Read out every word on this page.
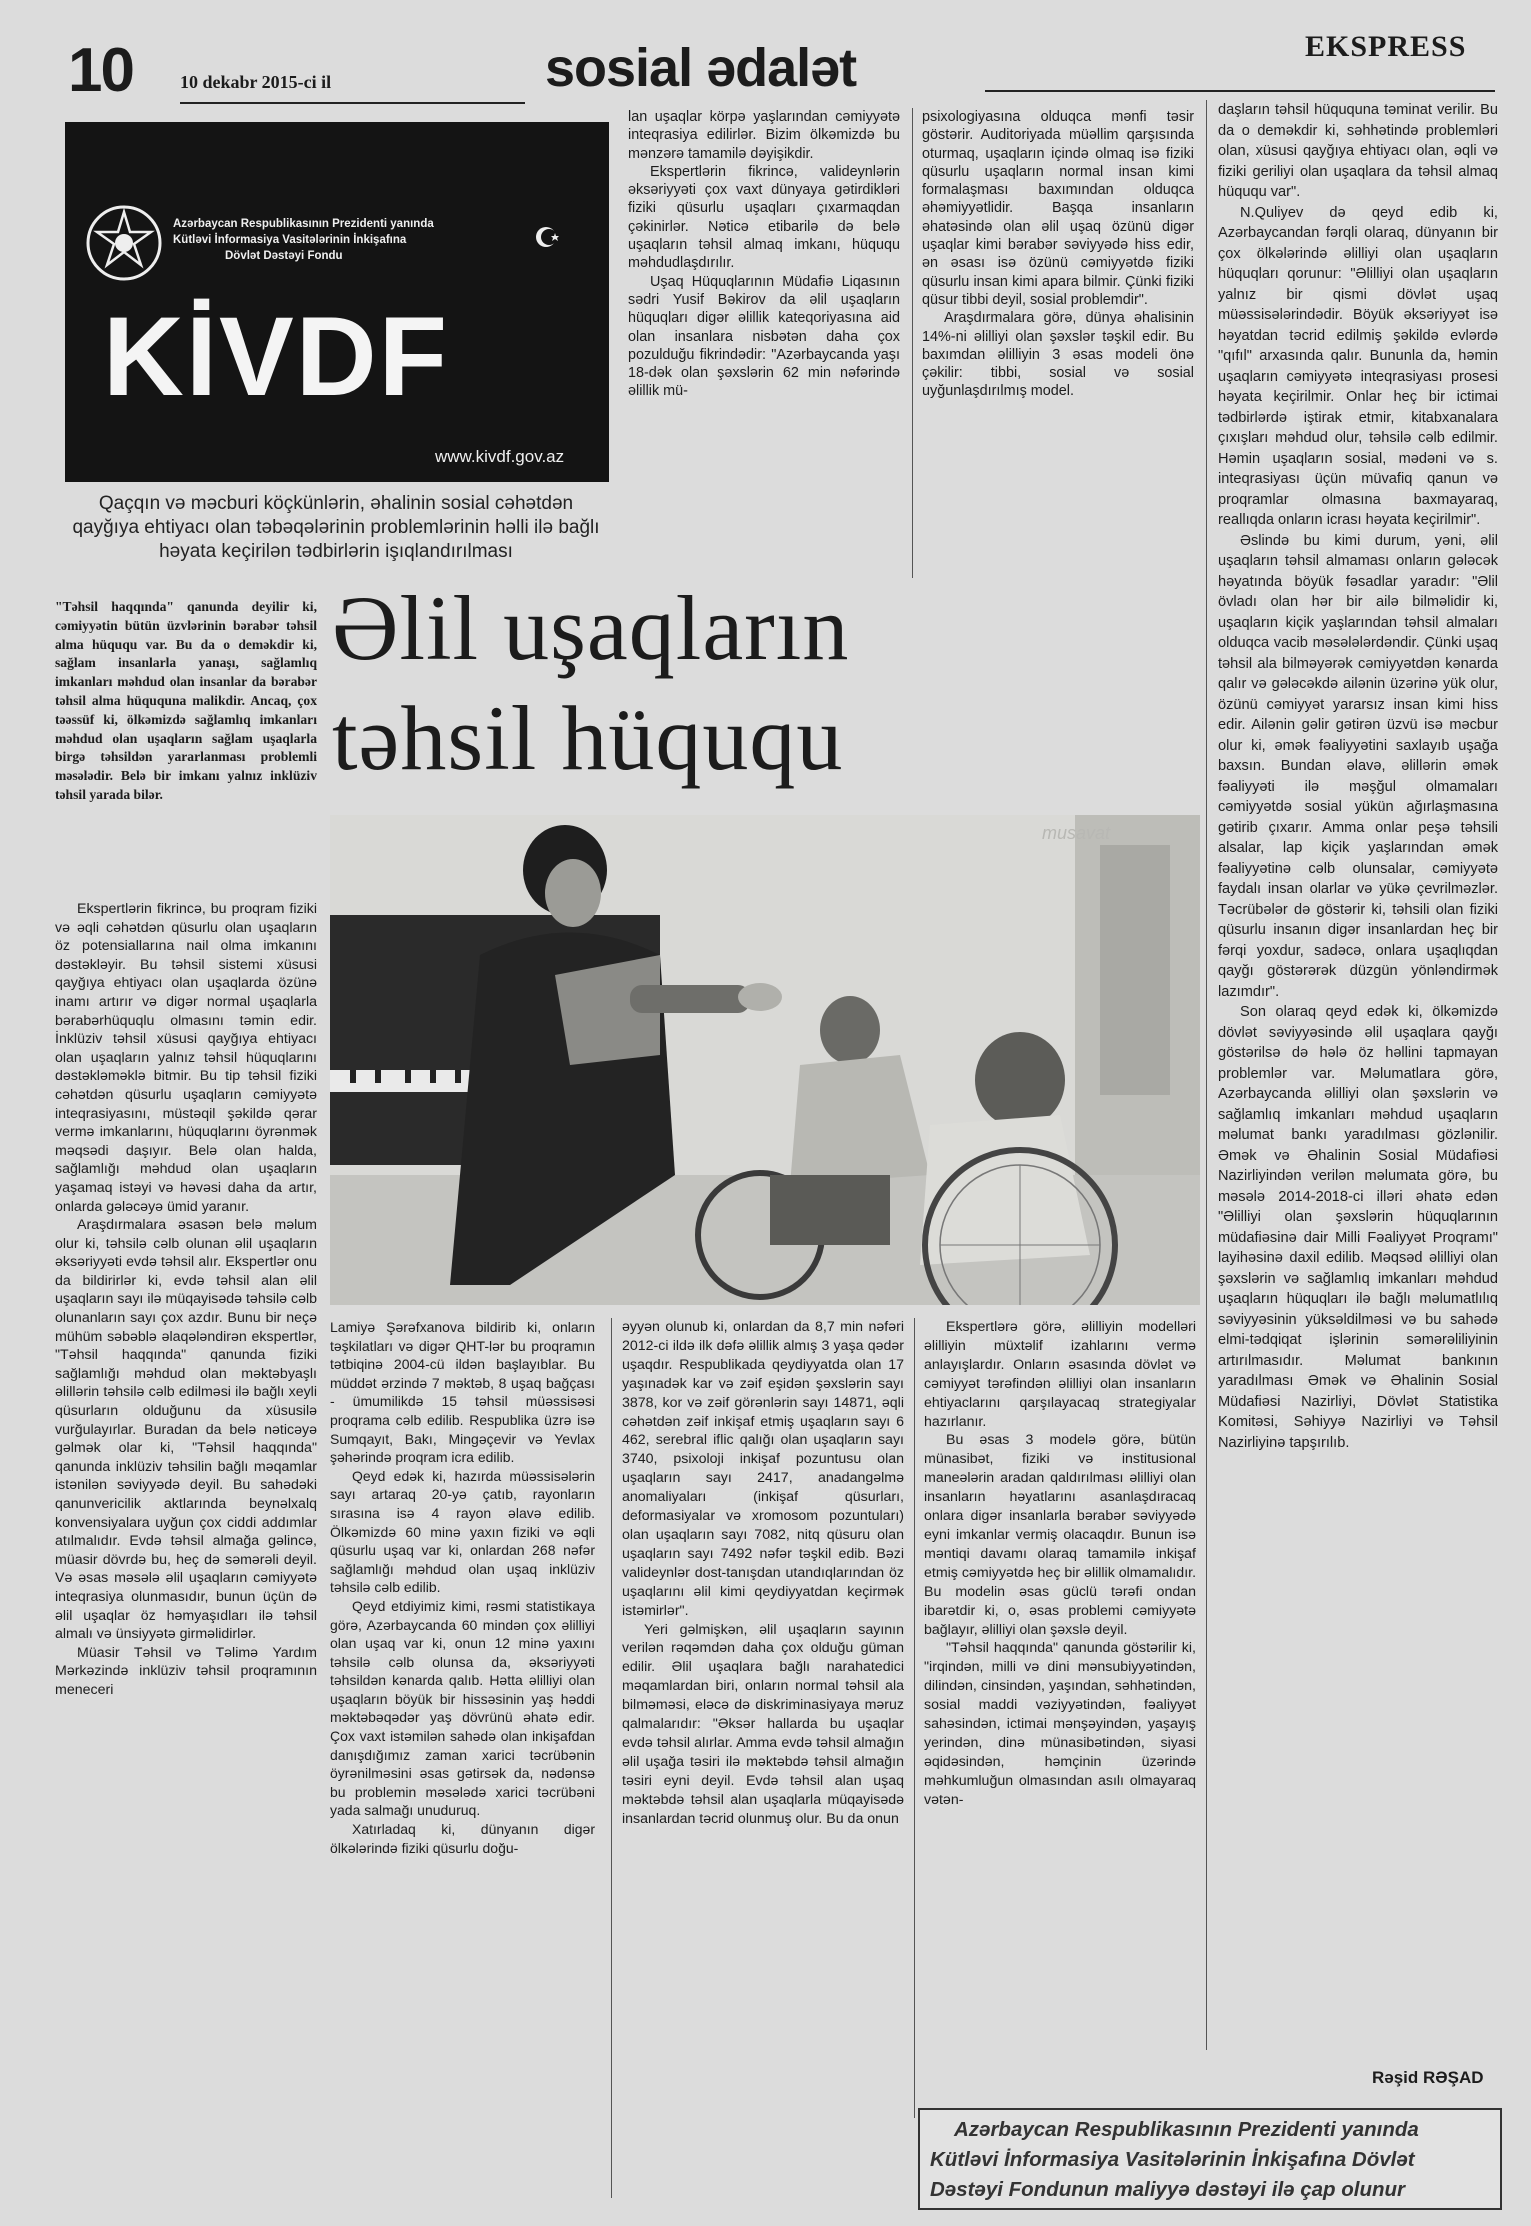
10	10 dekabr 2015-ci il	sosial ədalət	EKSPRESS
Azərbaycan Respublikasının Prezidenti yanında
Kütləvi İnformasiya Vasitələrinin İnkişafına
Dövlət Dəstəyi Fondu
KİVDF
www.kivdf.gov.az
Qaçqın və məcburi köçkünlərin, əhalinin sosial cəhətdən qayğıya ehtiyacı olan təbəqələrinin problemlərinin həlli ilə bağlı həyata keçirilən tədbirlərin işıqlandırılması

lan uşaqlar körpə yaşlarından cəmiyyətə inteqrasiya edilirlər. Bizim ölkəmizdə bu mənzərə tamamilə dəyişikdir.

Ekspertlərin fikrincə, valideynlərin əksəriyyəti çox vaxt dünyaya gətirdikləri fiziki qüsurlu uşaqları çıxarmaqdan çəkinirlər. Nəticə etibarilə də belə uşaqların təhsil almaq imkanı, hüququ məhdudlaşdırılır.

Uşaq Hüquqlarının Müdafiə Liqasının sədri Yusif Bəkirov da əlil uşaqların hüquqları digər əlillik kateqoriyasına aid olan insanlara nisbətən daha çox pozulduğu fikrindədir: "Azərbaycanda yaşı 18-dək olan şəxslərin 62 min nəfərində əlillik mü-

psixologiyasına olduqca mənfi təsir göstərir. Auditoriyada müəllim qarşısında oturmaq, uşaqların içində olmaq isə fiziki qüsurlu uşaqların normal insan kimi formalaşması baxımından olduqca əhəmiyyətlidir. Başqa insanların əhatəsində olan əlil uşaq özünü digər uşaqlar kimi bərabər səviyyədə hiss edir, ən əsası isə özünü cəmiyyətdə fiziki qüsurlu insan kimi apara bilmir. Çünki fiziki qüsur tibbi deyil, sosial problemdir".

Araşdırmalara görə, dünya əhalisinin 14%-ni əlilliyi olan şəxslər təşkil edir. Bu baxımdan əlilliyin 3 əsas modeli önə çəkilir: tibbi, sosial və sosial uyğunlaşdırılmış model.

daşların təhsil hüququna təminat verilir. Bu da o deməkdir ki, səhhətində problemləri olan, xüsusi qayğıya ehtiyacı olan, əqli və fiziki geriliyi olan uşaqlara da təhsil almaq hüququ var".

N.Quliyev də qeyd edib ki, Azərbaycandan fərqli olaraq, dünyanın bir çox ölkələrində əlilliyi olan uşaqların hüquqları qorunur: "Əlilliyi olan uşaqların yalnız bir qismi dövlət uşaq müəssisələrindədir. Böyük əksəriyyət isə həyatdan təcrid edilmiş şəkildə evlərdə "qıfıl" arxasında qalır. Bununla da, həmin uşaqların cəmiyyətə inteqrasiyası prosesi həyata keçirilmir. Onlar heç bir ictimai tədbirlərdə iştirak etmir, kitabxanalara çıxışları məhdud olur, təhsilə cəlb edilmir. Həmin uşaqların sosial, mədəni və s. inteqrasiyası üçün müvafiq qanun və proqramlar olmasına baxmayaraq, reallıqda onların icrası həyata keçirilmir".

Əslində bu kimi durum, yəni, əlil uşaqların təhsil almaması onların gələcək həyatında böyük fəsadlar yaradır: "Əlil övladı olan hər bir ailə bilməlidir ki, uşaqların kiçik yaşlarından təhsil almaları olduqca vacib məsələlərdəndir. Çünki uşaq təhsil ala bilməyərək cəmiyyətdən kənarda qalır və gələcəkdə ailənin üzərinə yük olur, özünü cəmiyyət yararsız insan kimi hiss edir. Ailənin gəlir gətirən üzvü isə məcbur olur ki, əmək fəaliyyətini saxlayıb uşağa baxsın. Bundan əlavə, əlillərin əmək fəaliyyəti ilə məşğul olmamaları cəmiyyətdə sosial yükün ağırlaşmasına gətirib çıxarır. Amma onlar peşə təhsili alsalar, lap kiçik yaşlarından əmək fəaliyyətinə cəlb olunsalar, cəmiyyətə faydalı insan olarlar və yükə çevrilməzlər. Təcrübələr də göstərir ki, təhsili olan fiziki qüsurlu insanın digər insanlardan heç bir fərqi yoxdur, sadəcə, onlara uşaqlıqdan qayğı göstərərək düzgün yönləndirmək lazımdır".

Son olaraq qeyd edək ki, ölkəmizdə dövlət səviyyəsində əlil uşaqlara qayğı göstərilsə də hələ öz həllini tapmayan problemlər var. Məlumatlara görə, Azərbaycanda əlilliyi olan şəxslərin və sağlamlıq imkanları məhdud uşaqların məlumat bankı yaradılması gözlənilir. Əmək və Əhalinin Sosial Müdafiəsi Nazirliyindən verilən məlumata görə, bu məsələ 2014-2018-ci illəri əhatə edən "Əlilliyi olan şəxslərin hüquqlarının müdafiəsinə dair Milli Fəaliyyət Proqramı" layihəsinə daxil edilib. Məqsəd əlilliyi olan şəxslərin və sağlamlıq imkanları məhdud uşaqların hüquqları ilə bağlı məlumatlılıq səviyyəsinin yüksəldilməsi və bu sahədə elmi-tədqiqat işlərinin səmərəliliyinin artırılmasıdır. Məlumat bankının yaradılması Əmək və Əhalinin Sosial Müdafiəsi Nazirliyi, Dövlət Statistika Komitəsi, Səhiyyə Nazirliyi və Təhsil Nazirliyinə tapşırılıb.

Əlil uşaqların
təhsil hüququ
"Təhsil haqqında" qanunda deyilir ki, cəmiyyətin bütün üzvlərinin bərabər təhsil alma hüququ var. Bu da o deməkdir ki, sağlam insanlarla yanaşı, sağlamlıq imkanları məhdud olan insanlar da bərabər təhsil alma hüququna malikdir. Ancaq, çox təəssüf ki, ölkəmizdə sağlamlıq imkanları məhdud olan uşaqların sağlam uşaqlarla birgə təhsildən yararlanması problemli məsələdir. Belə bir imkanı yalnız inklüziv təhsil yarada bilər.

Ekspertlərin fikrincə, bu proqram fiziki və əqli cəhətdən qüsurlu olan uşaqların öz potensiallarına nail olma imkanını dəstəkləyir. Bu təhsil sistemi xüsusi qayğıya ehtiyacı olan uşaqlarda özünə inamı artırır və digər normal uşaqlarla bərabərhüquqlu olmasını təmin edir. İnklüziv təhsil xüsusi qayğıya ehtiyacı olan uşaqların yalnız təhsil hüquqlarını dəstəkləməklə bitmir. Bu tip təhsil fiziki cəhətdən qüsurlu uşaqların cəmiyyətə inteqrasiyasını, müstəqil şəkildə qərar vermə imkanlarını, hüquqlarını öyrənmək məqsədi daşıyır. Belə olan halda, sağlamlığı məhdud olan uşaqların yaşamaq istəyi və həvəsi daha da artır, onlarda gələcəyə ümid yaranır.

Araşdırmalara əsasən belə məlum olur ki, təhsilə cəlb olunan əlil uşaqların əksəriyyəti evdə təhsil alır. Ekspertlər onu da bildirirlər ki, evdə təhsil alan əlil uşaqların sayı ilə müqayisədə təhsilə cəlb olunanların sayı çox azdır. Bunu bir neçə mühüm səbəblə əlaqələndirən ekspertlər, "Təhsil haqqında" qanunda fiziki sağlamlığı məhdud olan məktəbyaşlı əlillərin təhsilə cəlb edilməsi ilə bağlı xeyli qüsurların olduğunu da xüsusilə vurğulayırlar. Buradan da belə nəticəyə gəlmək olar ki, "Təhsil haqqında" qanunda inklüziv təhsilin bağlı məqamlar istənilən səviyyədə deyil. Bu sahədəki qanunvericilik aktlarında beynəlxalq konvensiyalara uyğun çox ciddi addımlar atılmalıdır. Evdə təhsil almağa gəlincə, müasir dövrdə bu, heç də səmərəli deyil. Və əsas məsələ əlil uşaqların cəmiyyətə inteqrasiya olunmasıdır, bunun üçün də əlil uşaqlar öz həmyaşıdları ilə təhsil almalı və ünsiyyətə girməlidirlər.

Müasir Təhsil və Təlimə Yardım Mərkəzində inklüziv təhsil proqramının meneceri

musavat

Lamiyə Şərəfxanova bildirib ki, onların təşkilatları və digər QHT-lər bu proqramın tətbiqinə 2004-cü ildən başlayıblar. Bu müddət ərzində 7 məktəb, 8 uşaq bağçası - ümumilikdə 15 təhsil müəssisəsi proqrama cəlb edilib. Respublika üzrə isə Sumqayıt, Bakı, Mingəçevir və Yevlax şəhərində proqram icra edilib.

Qeyd edək ki, hazırda müəssisələrin sayı artaraq 20-yə çatıb, rayonların sırasına isə 4 rayon əlavə edilib. Ölkəmizdə 60 minə yaxın fiziki və əqli qüsurlu uşaq var ki, onlardan 268 nəfər sağlamlığı məhdud olan uşaq inklüziv təhsilə cəlb edilib.

Qeyd etdiyimiz kimi, rəsmi statistikaya görə, Azərbaycanda 60 mindən çox əlilliyi olan uşaq var ki, onun 12 minə yaxını təhsilə cəlb olunsa da, əksəriyyəti təhsildən kənarda qalıb. Hətta əlilliyi olan uşaqların böyük bir hissəsinin yaş həddi məktəbəqədər yaş dövrünü əhatə edir. Çox vaxt istəmilən sahədə olan inkişafdan danışdığımız zaman xarici təcrübənin öyrənilməsini əsas gətirsək da, nədənsə bu problemin məsələdə xarici təcrübəni yada salmağı unuduruq.

Xatırladaq ki, dünyanın digər ölkələrində fiziki qüsurlu doğu-

əyyən olunub ki, onlardan da 8,7 min nəfəri 2012-ci ildə ilk dəfə əlillik almış 3 yaşa qədər uşaqdır. Respublikada qeydiyyatda olan 17 yaşınadək kar və zəif eşidən şəxslərin sayı 3878, kor və zəif görənlərin sayı 14871, əqli cəhətdən zəif inkişaf etmiş uşaqların sayı 6 462, serebral iflic qalığı olan uşaqların sayı 3740, psixoloji inkişaf pozuntusu olan uşaqların sayı 2417, anadangəlmə anomaliyaları (inkişaf qüsurları, deformasiyalar və xromosom pozuntuları) olan uşaqların sayı 7082, nitq qüsuru olan uşaqların sayı 7492 nəfər təşkil edib. Bəzi valideynlər dost-tanışdan utandıqlarından öz uşaqlarını əlil kimi qeydiyyatdan keçirmək istəmirlər".

Yeri gəlmişkən, əlil uşaqların sayının verilən rəqəmdən daha çox olduğu güman edilir. Əlil uşaqlara bağlı narahatedici məqamlardan biri, onların normal təhsil ala bilməməsi, eləcə də diskriminasiyaya məruz qalmalarıdır: "Əksər hallarda bu uşaqlar evdə təhsil alırlar. Amma evdə təhsil almağın əlil uşağa təsiri ilə məktəbdə təhsil almağın təsiri eyni deyil. Evdə təhsil alan uşaq məktəbdə təhsil alan uşaqlarla müqayisədə insanlardan təcrid olunmuş olur. Bu da onun

Ekspertlərə görə, əlilliyin modelləri əlilliyin müxtəlif izahlarını vermə anlayışlardır. Onların əsasında dövlət və cəmiyyət tərəfindən əlilliyi olan insanların ehtiyaclarını qarşılayacaq strategiyalar hazırlanır.

Bu əsas 3 modelə görə, bütün münasibət, fiziki və institusional maneələrin aradan qaldırılması əlilliyi olan insanların həyatlarını asanlaşdıracaq onlara digər insanlarla bərabər səviyyədə eyni imkanlar vermiş olacaqdır. Bunun isə məntiqi davamı olaraq tamamilə inkişaf etmiş cəmiyyətdə heç bir əlillik olmamalıdır. Bu modelin əsas güclü tərəfi ondan ibarətdir ki, o, əsas problemi cəmiyyətə bağlayır, əlilliyi olan şəxslə deyil.

"Təhsil haqqında" qanunda göstərilir ki, "irqindən, milli və dini mənsubiyyətindən, dilindən, cinsindən, yaşından, səhhətindən, sosial maddi vəziyyətindən, fəaliyyət sahəsindən, ictimai mənşəyindən, yaşayış yerindən, dinə münasibətindən, siyasi əqidəsindən, həmçinin üzərində məhkumluğun olmasından asılı olmayaraq vətən-

Rəşid RƏŞAD
Azərbaycan Respublikasının Prezidenti yanında
Kütləvi İnformasiya Vasitələrinin İnkişafına Dövlət
Dəstəyi Fondunun maliyyə dəstəyi ilə çap olunur
